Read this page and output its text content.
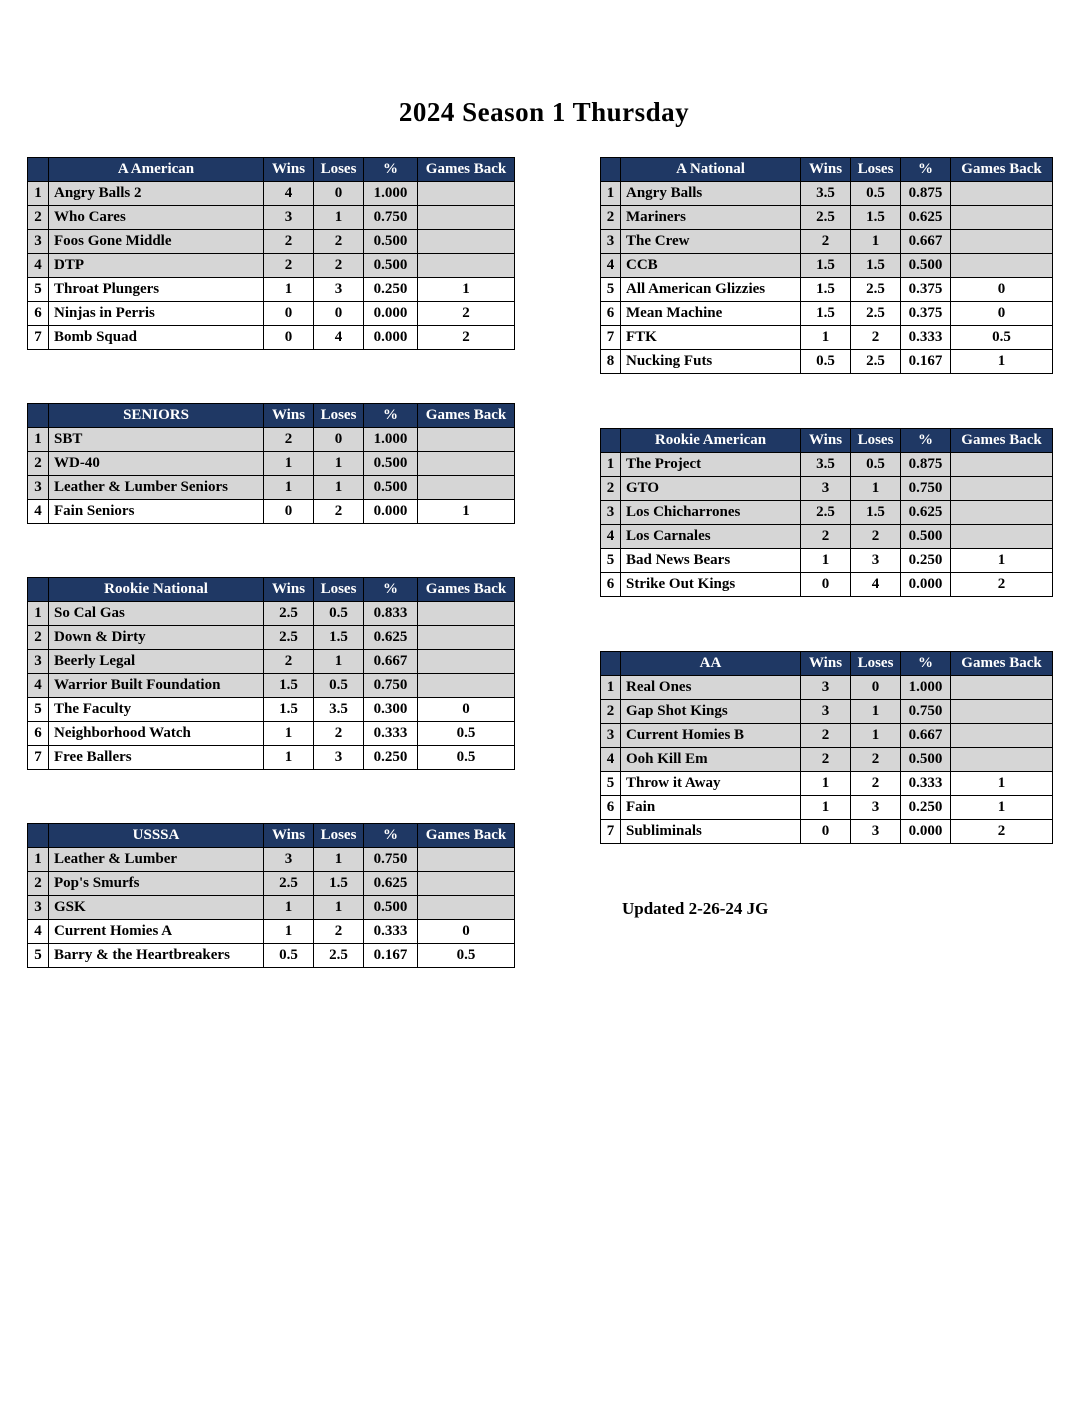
2024 Season 1 Thursday
	A American	Wins	Loses	%	Games Back
1	Angry Balls 2	4	0	1.000	
2	Who Cares	3	1	0.750	
3	Foos Gone Middle	2	2	0.500	
4	DTP	2	2	0.500	
5	Throat Plungers	1	3	0.250	1
6	Ninjas in Perris	0	0	0.000	2
7	Bomb Squad	0	4	0.000	2
	SENIORS	Wins	Loses	%	Games Back
1	SBT	2	0	1.000	
2	WD-40	1	1	0.500	
3	Leather & Lumber Seniors	1	1	0.500	
4	Fain Seniors	0	2	0.000	1
	Rookie National	Wins	Loses	%	Games Back
1	So Cal Gas	2.5	0.5	0.833	
2	Down & Dirty	2.5	1.5	0.625	
3	Beerly Legal	2	1	0.667	
4	Warrior Built Foundation	1.5	0.5	0.750	
5	The Faculty	1.5	3.5	0.300	0
6	Neighborhood Watch	1	2	0.333	0.5
7	Free Ballers	1	3	0.250	0.5
	USSSA	Wins	Loses	%	Games Back
1	Leather & Lumber	3	1	0.750	
2	Pop's Smurfs	2.5	1.5	0.625	
3	GSK	1	1	0.500	
4	Current Homies A	1	2	0.333	0
5	Barry & the Heartbreakers	0.5	2.5	0.167	0.5
	A National	Wins	Loses	%	Games Back
1	Angry Balls	3.5	0.5	0.875	
2	Mariners	2.5	1.5	0.625	
3	The Crew	2	1	0.667	
4	CCB	1.5	1.5	0.500	
5	All American Glizzies	1.5	2.5	0.375	0
6	Mean Machine	1.5	2.5	0.375	0
7	FTK	1	2	0.333	0.5
8	Nucking Futs	0.5	2.5	0.167	1
	Rookie American	Wins	Loses	%	Games Back
1	The Project	3.5	0.5	0.875	
2	GTO	3	1	0.750	
3	Los Chicharrones	2.5	1.5	0.625	
4	Los Carnales	2	2	0.500	
5	Bad News Bears	1	3	0.250	1
6	Strike Out Kings	0	4	0.000	2
	AA	Wins	Loses	%	Games Back
1	Real Ones	3	0	1.000	
2	Gap Shot Kings	3	1	0.750	
3	Current Homies B	2	1	0.667	
4	Ooh Kill Em	2	2	0.500	
5	Throw it Away	1	2	0.333	1
6	Fain	1	3	0.250	1
7	Subliminals	0	3	0.000	2
Updated 2-26-24 JG
